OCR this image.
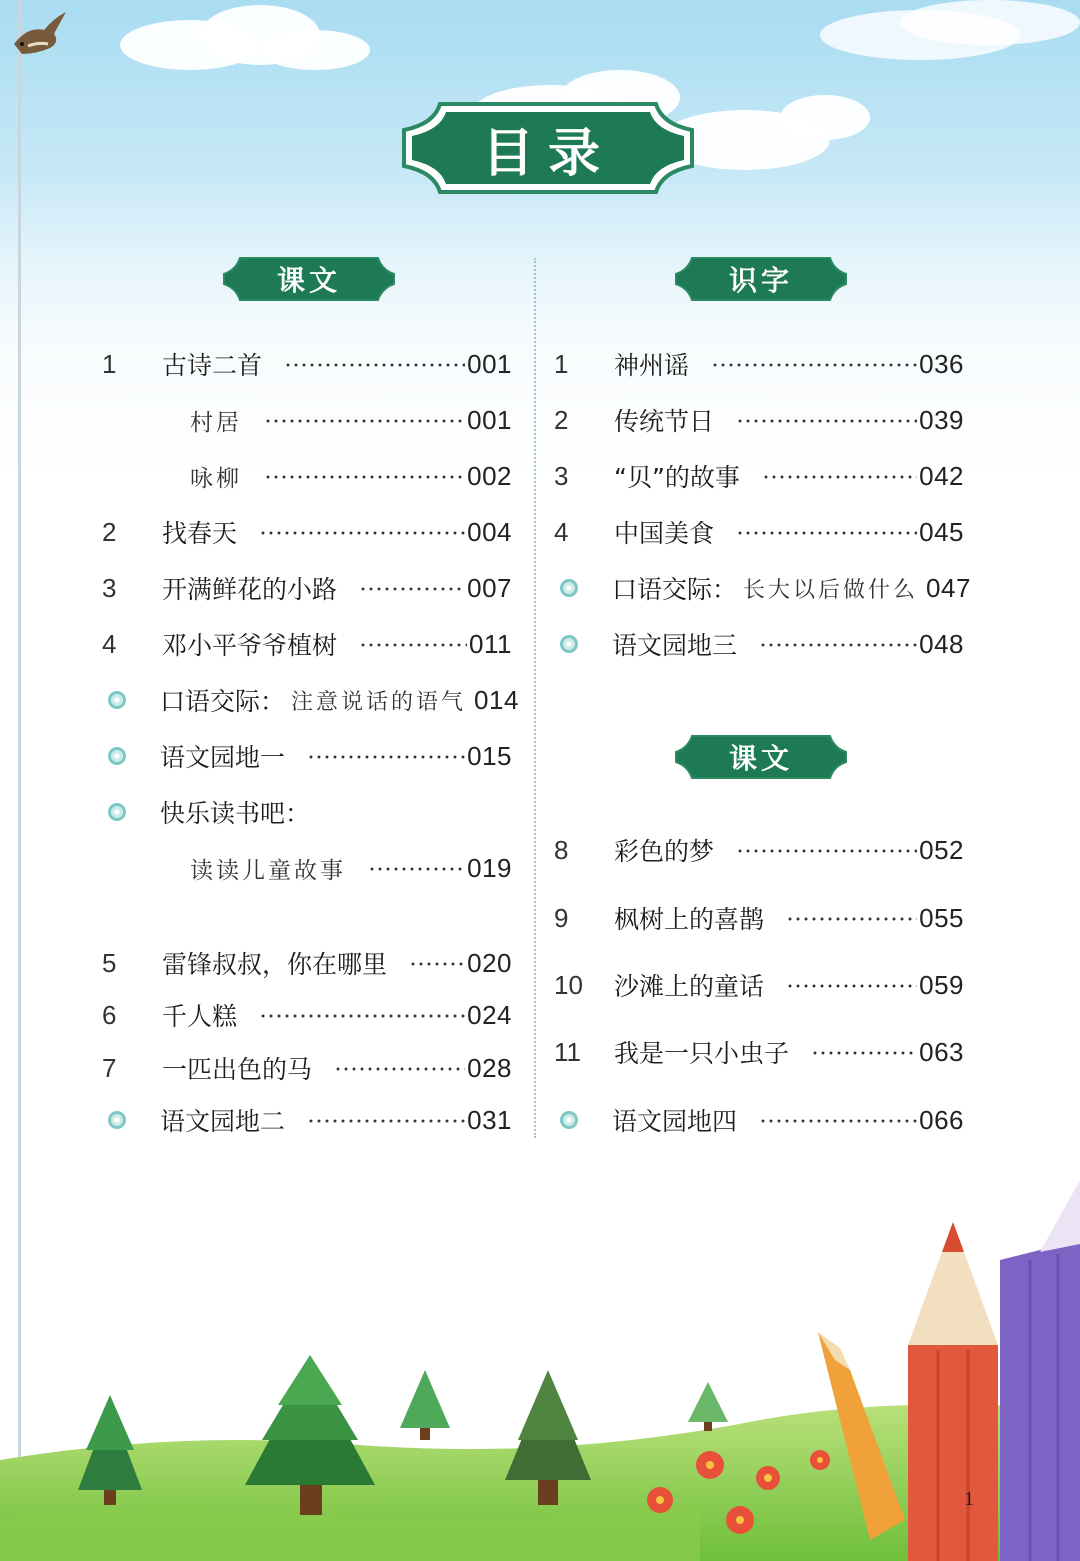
目录
课文	识字
课文
1	古诗二首	001
村居	001
咏柳	002
2	找春天	004
3	开满鲜花的小路	007
4	邓小平爷爷植树	011
口语交际： 注意说话的语气 014
语文园地一	015
快乐读书吧：
读读儿童故事	019
5	雷锋叔叔，你在哪里	020
6	千人糕	024
7	一匹出色的马	028
语文园地二	031
1	神州谣	036
2	传统节日	039
3	“贝”的故事	042
4	中国美食	045
口语交际： 长大以后做什么 047
语文园地三	048
8	彩色的梦	052
9	枫树上的喜鹊	055
10	沙滩上的童话	059
11	我是一只小虫子	063
语文园地四	066
1
